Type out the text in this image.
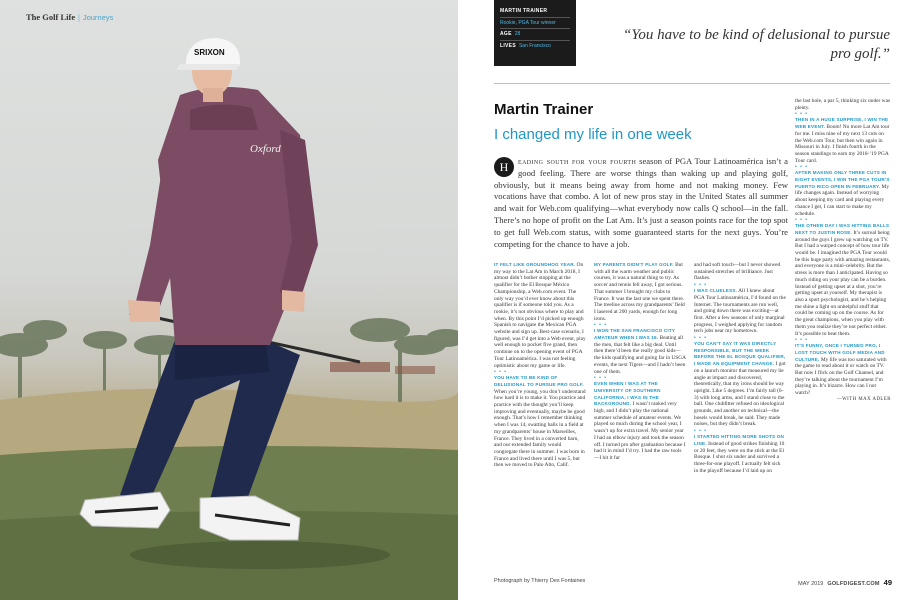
SRIXON
Oxford
The Golf Life | Journeys
MARTIN TRAINER
Rookie, PGA Tour winner
AGE 28
LIVES San Francisco
“You have to be kind of delusional to pursue pro golf.”
Martin Trainer
I changed my life in one week
H	eading south for your fourth season of PGA Tour Latinoamérica isn’t a good feeling. There are worse things than waking up and playing golf, obviously, but it means being away from home and not making money. Few vocations have that combo. A lot of new pros stay in the United States all summer and wait for Web.com qualifying—what everybody now calls Q school—in the fall. There’s no hope of profit on the Lat Am. It’s just a season points race for the top spot to get full Web.com status, with some guaranteed starts for the next guys. You’re competing for the chance to have a job.

IT FELT LIKE GROUNDHOG YEAR. On my way to the Lat Am in March 2018, I almost didn’t bother stopping at the qualifier for the El Bosque México Championship, a Web.com event. The only way you’d ever know about this qualifier is if someone told you. As a rookie, it’s not obvious where to play and when. By this point I’d picked up enough Spanish to navigate the Mexican PGA website and sign up. Best-case scenario, I figured, was I’d get into a Web event, play well enough to pocket five grand, then continue on to the opening event of PGA Tour Latinoamérica. I was not feeling optimistic about my game or life.

• • •

YOU HAVE TO BE KIND OF DELUSIONAL TO PURSUE PRO GOLF. When you’re young, you don’t understand how hard it is to make it. You practice and practice with the thought you’ll keep improving and eventually, maybe be good enough. That’s how I remember thinking when I was 14, swatting balls in a field at my grandparents’ house in Marseilles, France. They lived in a converted barn, and our extended family would congregate there in summer. I was born in France and lived there until I was 5, but then we moved to Palo Alto, Calif.

MY PARENTS DIDN’T PLAY GOLF. But with all the warm weather and public courses, it was a natural thing to try. As soccer and tennis fell away, I got serious. That summer I brought my clubs to France. It was the last one we spent there. The treeline across my grandparents’ field I lasered at 200 yards, enough for long irons.

• • •

I WON THE SAN FRANCISCO CITY AMATEUR WHEN I WAS 16. Beating all the men, that felt like a big deal. Until then there’d been the really good kids—the kids qualifying and going far in USGA events, the next Tigers—and I hadn’t been one of them.

• • •

EVEN WHEN I WAS AT THE UNIVERSITY OF SOUTHERN CALIFORNIA, I WAS IN THE BACKGROUND. I wasn’t ranked very high, and I didn’t play the national summer schedule of amateur events. We played so much during the school year, I wasn’t up for extra travel. My senior year I had an elbow injury and took the season off. I turned pro after graduation because I had it in mind I’d try. I had the raw tools—I hit it far

and had soft touch—but I never showed sustained stretches of brilliance. Just flashes.

• • •

I WAS CLUELESS. All I knew about PGA Tour Latinoamérica, I’d found on the Internet. The tournaments are run well, and going down there was exciting—at first. After a few seasons of only marginal progress, I weighed applying for random tech jobs near my hometown.

• • •

YOU CAN’T SAY IT WAS DIRECTLY RESPONSIBLE, BUT THE WEEK BEFORE THE EL BOSQUE QUALIFIER, I MADE AN EQUIPMENT CHANGE. I got on a launch monitor that measured my lie angle at impact and discovered, theoretically, that my irons should be way upright. Like 5 degrees. I’m fairly tall (6-3) with long arms, and I stand close to the ball. One clubfitter refused on ideological grounds, and another on technical—the hosels would break, he said. They made noises, but they didn’t break.

• • •

I STARTED HITTING MORE SHOTS ON LINE. Instead of good strikes finishing 10 or 20 feet, they were on the stick at the El Bosque. I shot six under and survived a three-for-one playoff. I actually felt sick in the playoff because I’d laid up on

the last hole, a par 5, thinking six under was plenty.

• • •

THEN IN A HUGE SURPRISE, I WIN THE WEB EVENT. Boom! No more Lat Am tour for me. I miss nine of my next 13 cuts on the Web.com Tour, but then win again in Missouri in July. I finish fourth in the season standings to earn my 2018-’19 PGA Tour card.

• • •

AFTER MAKING ONLY THREE CUTS IN EIGHT EVENTS, I WIN THE PGA TOUR’S PUERTO RICO OPEN IN FEBRUARY. My life changes again. Instead of worrying about keeping my card and playing every chance I get, I can start to make my schedule.

• • •

THE OTHER DAY I WAS HITTING BALLS NEXT TO JUSTIN ROSE. It’s surreal being around the guys I grew up watching on TV. But I had a warped concept of how tour life would be. I imagined the PGA Tour would be this huge party with amazing restaurants, and everyone is a mini-celebrity. But the stress is more than I anticipated. Having so much riding on your play can be a burden. Instead of getting upset at a shot, you’re getting upset at yourself. My therapist is also a sport psychologist, and he’s helping me shine a light on unhelpful stuff that could be coming up on the course. As for the great champions, when you play with them you realize they’re not perfect either. It’s possible to beat them.

• • •

IT’S FUNNY, ONCE I TURNED PRO, I LOST TOUCH WITH GOLF MEDIA AND CULTURE. My life was too saturated with the game to read about it or watch on TV. But now I flick on the Golf Channel, and they’re talking about the tournament I’m playing in. It’s bizarre. How can I not watch?

—WITH MAX ADLER
Photograph by Thierry Des Fontaines	MAY 2019 GOLFDIGEST.COM 49
